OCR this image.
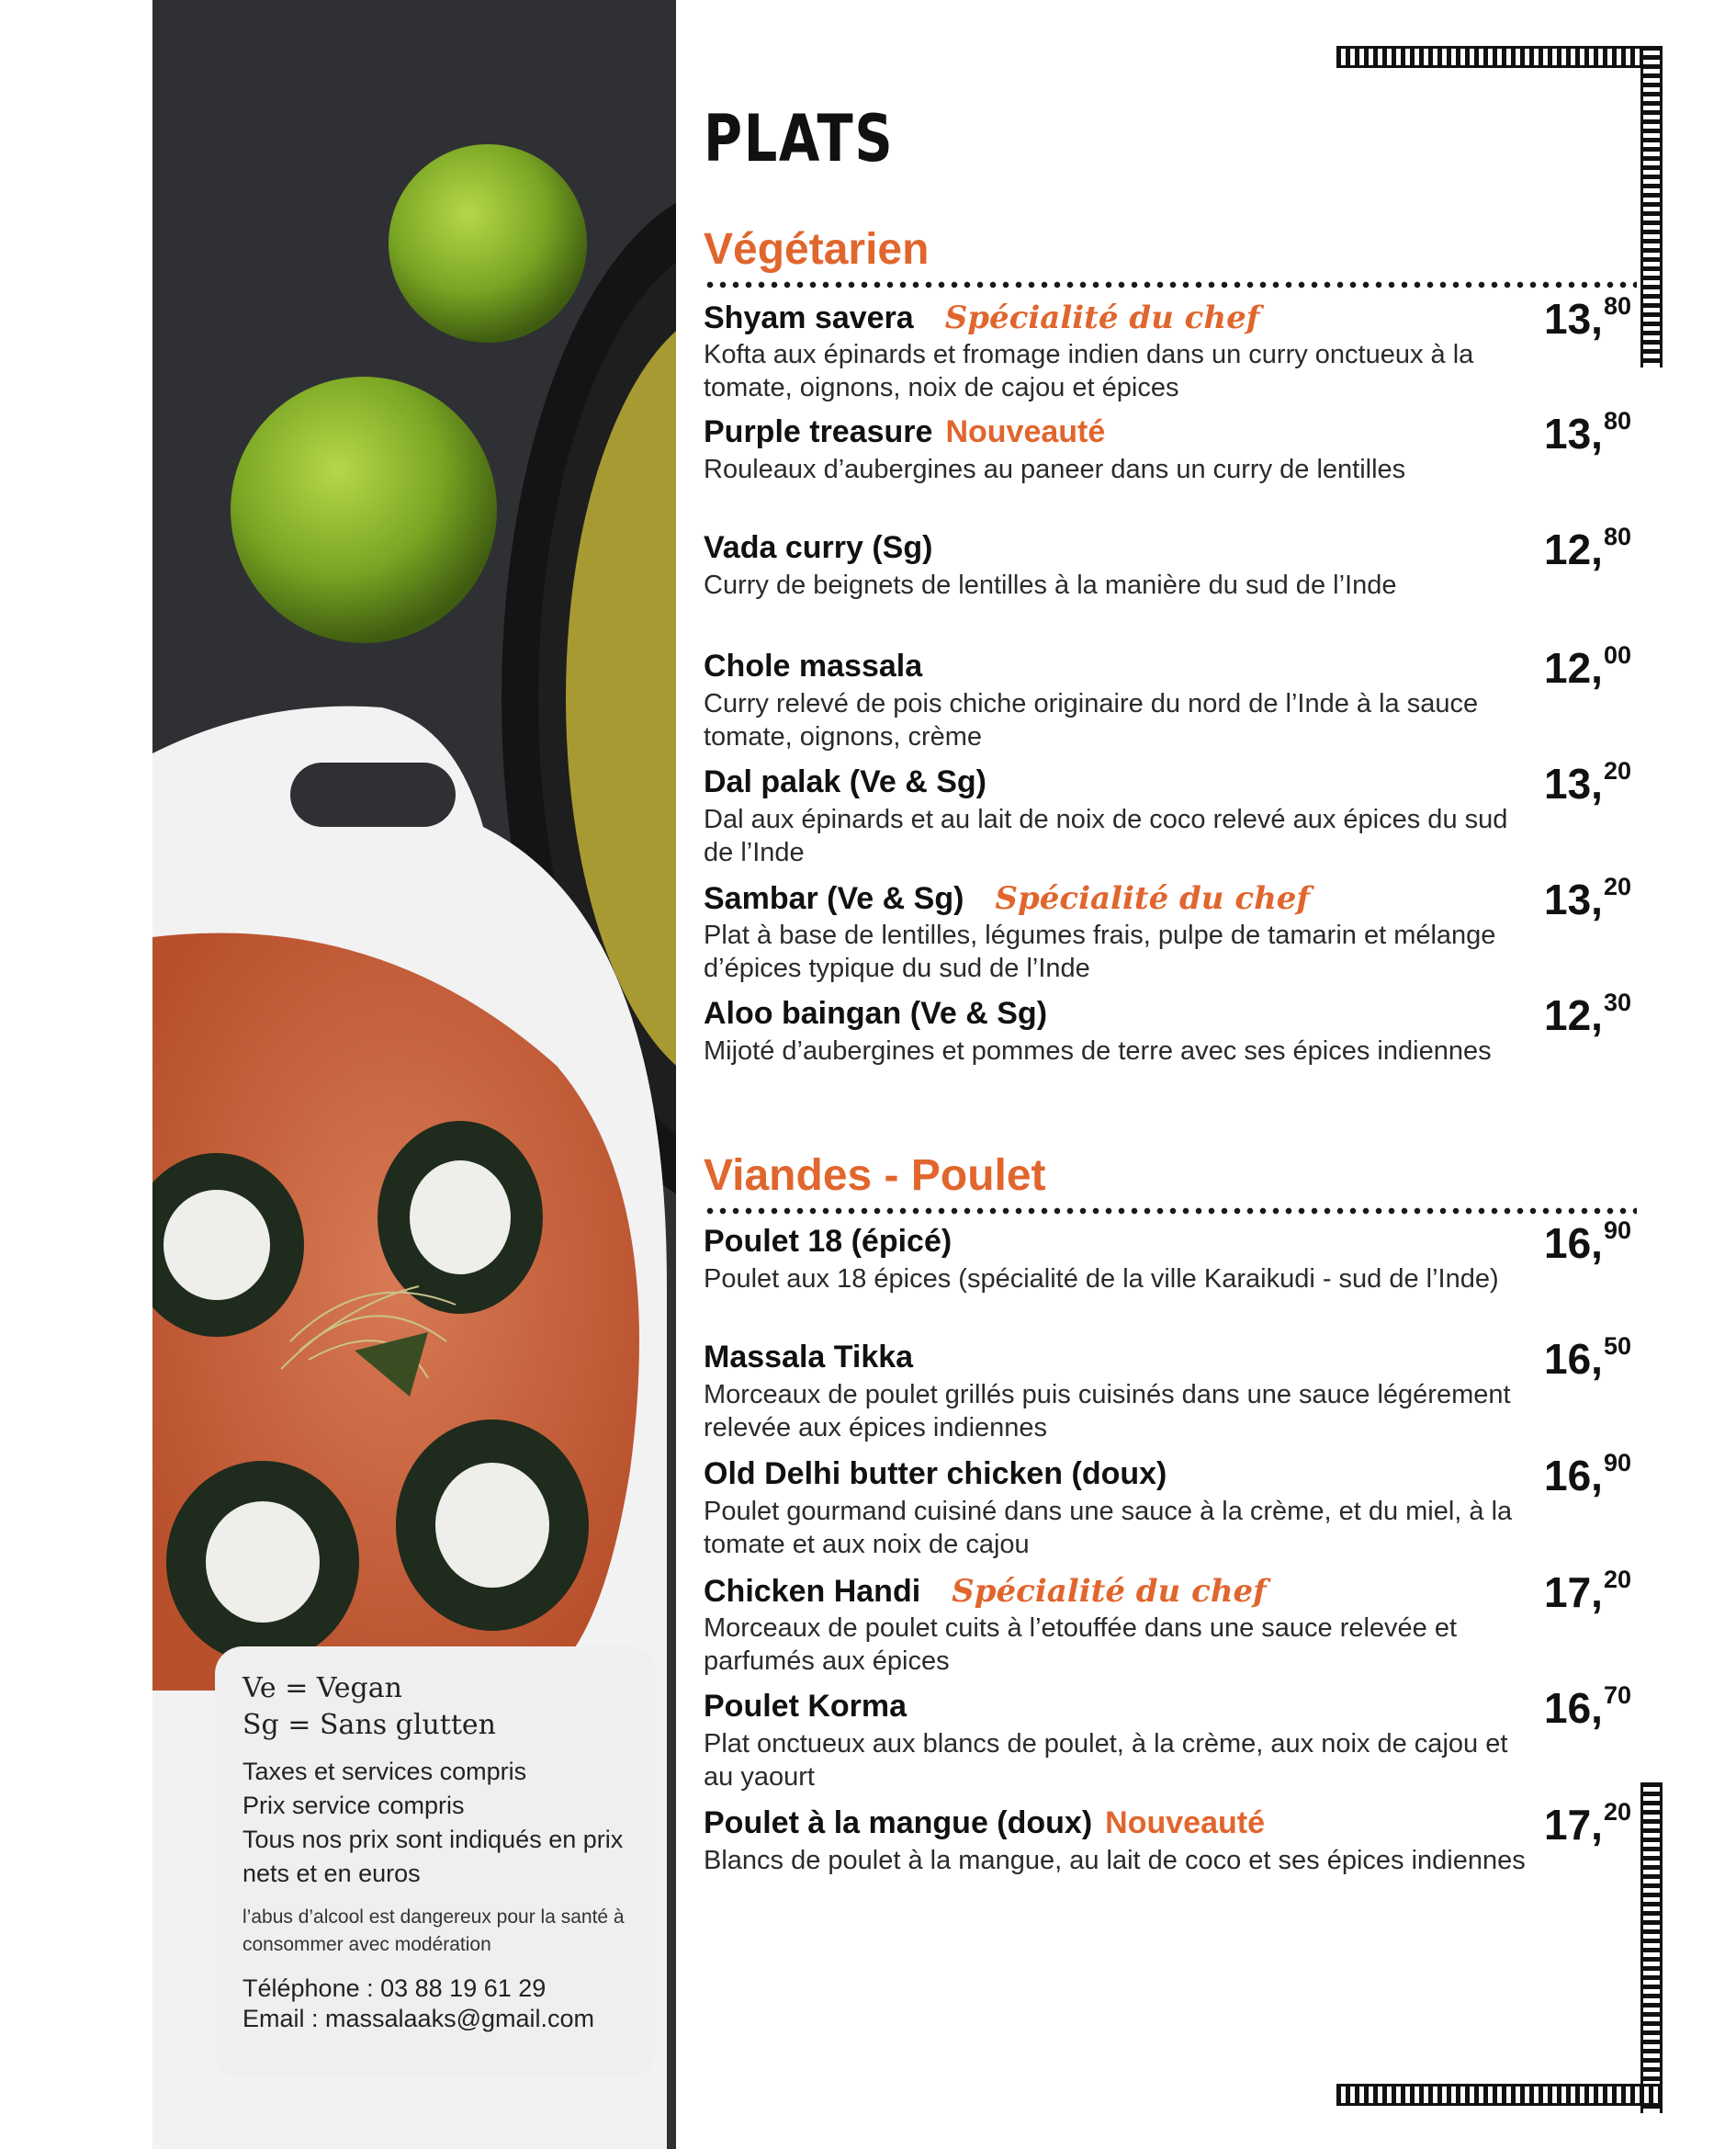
Ve = Vegan

Sg = Sans glutten

Taxes et services compris

Prix service compris

Tous nos prix sont indiqués en prix nets et en euros

l’abus d’alcool est dangereux pour la santé à consommer avec modération

Téléphone : 03 88 19 61 29

Email : massalaaks@gmail.com

PLATS
Végétarien
Shyam savera Spécialité du chef
Kofta aux épinards et fromage indien dans un curry onctueux à la tomate, oignons, noix de cajou et épices
13,80
Purple treasure Nouveauté
Rouleaux d’aubergines au paneer dans un curry de lentilles
13,80
Vada curry (Sg)
Curry de beignets de lentilles à la manière du sud de l’Inde
12,80
Chole massala
Curry relevé de pois chiche originaire du nord de l’Inde à la sauce tomate, oignons, crème
12,00
Dal palak (Ve & Sg)
Dal aux épinards et au lait de noix de coco relevé aux épices du sud de l’Inde
13,20
Sambar (Ve & Sg) Spécialité du chef
Plat à base de lentilles, légumes frais, pulpe de tamarin et mélange d’épices typique du sud de l’Inde
13,20
Aloo baingan (Ve & Sg)
Mijoté d’aubergines et pommes de terre avec ses épices indiennes
12,30
Viandes - Poulet
Poulet 18 (épicé)
Poulet aux 18 épices (spécialité de la ville Karaikudi - sud de l’Inde)
16,90
Massala Tikka
Morceaux de poulet grillés puis cuisinés dans une sauce légérement relevée aux épices indiennes
16,50
Old Delhi butter chicken (doux)
Poulet gourmand cuisiné dans une sauce à la crème, et du miel, à la tomate et aux noix de cajou
16,90
Chicken Handi Spécialité du chef
Morceaux de poulet cuits à l’etouffée dans une sauce relevée et parfumés aux épices
17,20
Poulet Korma
Plat onctueux aux blancs de poulet, à la crème, aux noix de cajou et au yaourt
16,70
Poulet à la mangue (doux) Nouveauté
Blancs de poulet à la mangue, au lait de coco et ses épices indiennes
17,20
